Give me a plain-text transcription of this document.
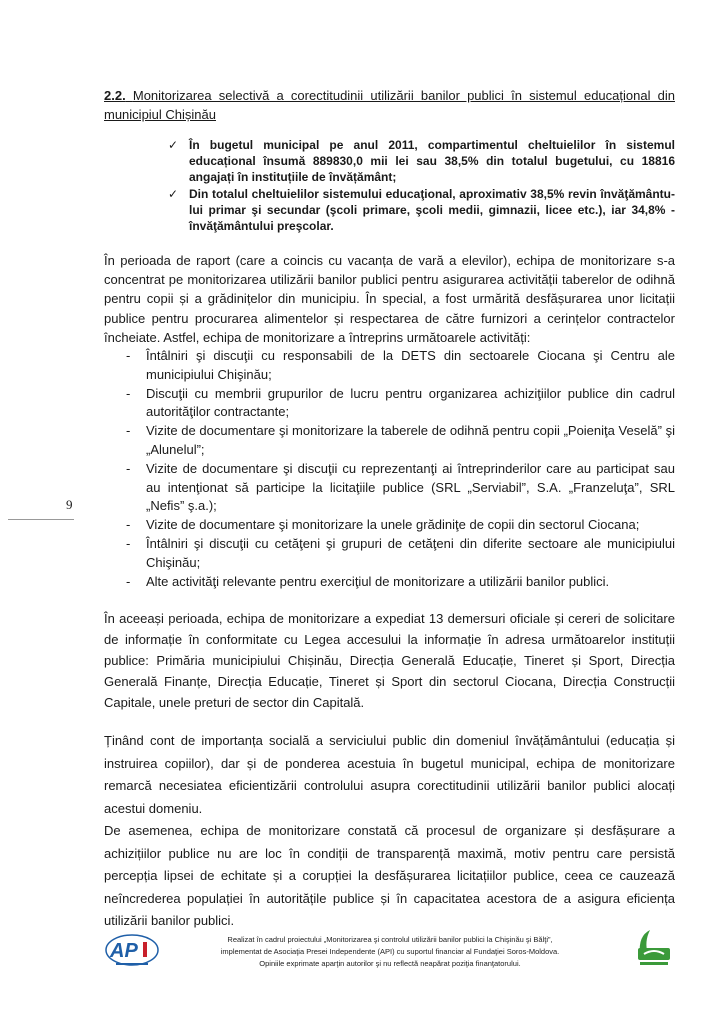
9

2.2. Monitorizarea selectivă a corectitudinii utilizării banilor publici în sistemul educațional din municipiul Chișinău

✓ În bugetul municipal pe anul 2011, compartimentul cheltuielilor în sistemul educațional însumă 889830,0 mii lei sau 38,5% din totalul bugetului, cu 18816 angajați în instituțiile de învățământ;
✓ Din totalul cheltuielilor sistemului educaţional, aproximativ 38,5% revin învăţământu-lui primar şi secundar (şcoli primare, şcoli medii, gimnazii, licee etc.), iar 34,8% - învăţământului preşcolar.

În perioada de raport (care a coincis cu vacanța de vară a elevilor), echipa de monitorizare s-a concentrat pe monitorizarea utilizării banilor publici pentru asigurarea activității taberelor de odihnă pentru copii și a grădinițelor din municipiu. În special, a fost urmărită desfășurarea unor licitații publice pentru procurarea alimentelor și respectarea de către furnizori a cerințelor contractelor încheiate. Astfel, echipa de monitorizare a întreprins următoarele activități:

- Întâlniri şi discuţii cu responsabili de la DETS din sectoarele Ciocana şi Centru ale municipiului Chişinău;
- Discuţii cu membrii grupurilor de lucru pentru organizarea achiziţiilor publice din cadrul autorităţilor contractante;
- Vizite de documentare şi monitorizare la taberele de odihnă pentru copii „Poieniţa Veselă” şi „Alunelul”;
- Vizite de documentare şi discuţii cu reprezentanţi ai întreprinderilor care au participat sau au intenţionat să participe la licitaţiile publice (SRL „Serviabil”, S.A. „Franzeluţa”, SRL „Nefis” ş.a.);
- Vizite de documentare şi monitorizare la unele grădiniţe de copii din sectorul Ciocana;
- Întâlniri şi discuţii cu cetăţeni şi grupuri de cetăţeni din diferite sectoare ale municipiului Chişinău;
- Alte activităţi relevante pentru exerciţiul de monitorizare a utilizării banilor publici.

În aceeași perioada, echipa de monitorizare a expediat 13 demersuri oficiale și cereri de solicitare de informație în conformitate cu Legea accesului la informație în adresa următoarelor instituții publice: Primăria municipiului Chișinău, Direcția Generală Educație, Tineret și Sport, Direcția Generală Finanțe, Direcția Educație, Tineret și Sport din sectorul Ciocana, Direcția Construcții Capitale, unele preturi de sector din Capitală.

Ținând cont de importanța socială a serviciului public din domeniul învățământului (educația și instruirea copiilor), dar și de ponderea acestuia în bugetul municipal, echipa de monitorizare remarcă necesiatea eficientizării controlului asupra corectitudinii utilizării banilor publici alocați acestui domeniu.

De asemenea, echipa de monitorizare constată că procesul de organizare și desfășurare a achizițiilor publice nu are loc în condiții de transparență maximă, motiv pentru care persistă percepția lipsei de echitate și a corupției la desfășurarea licitațiilor publice, ceea ce cauzează neîncrederea populației în autoritățile publice și în capacitatea acestora de a asigura eficiența utilizării banilor publici.

AP
Realizat în cadrul proiectului „Monitorizarea şi controlul utilizării banilor publici la Chişinău şi Bălţi”,
implementat de Asociaţia Presei Independente (API) cu suportul financiar al Fundaţiei Soros-Moldova.
Opiniile exprimate aparţin autorilor şi nu reflectă neapărat poziţia finanţatorului.
